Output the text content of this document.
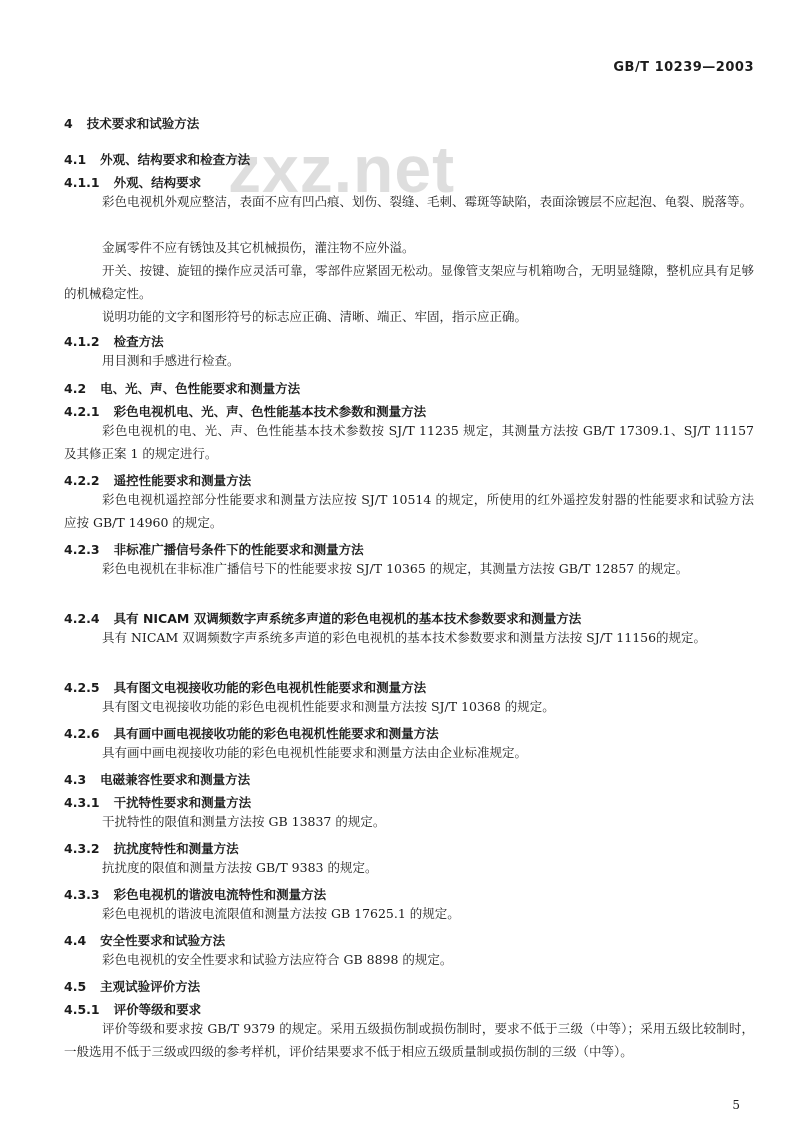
GB/T 10239—2003
zxz.net
4 技术要求和试验方法
4.1 外观、结构要求和检查方法
4.1.1 外观、结构要求
彩色电视机外观应整洁，表面不应有凹凸痕、划伤、裂缝、毛刺、霉斑等缺陷，表面涂镀层不应起泡、龟裂、脱落等。
金属零件不应有锈蚀及其它机械损伤，灌注物不应外溢。
开关、按键、旋钮的操作应灵活可靠，零部件应紧固无松动。显像管支架应与机箱吻合，无明显缝隙，整机应具有足够的机械稳定性。
说明功能的文字和图形符号的标志应正确、清晰、端正、牢固，指示应正确。
4.1.2 检查方法
用目测和手感进行检查。
4.2 电、光、声、色性能要求和测量方法
4.2.1 彩色电视机电、光、声、色性能基本技术参数和测量方法
彩色电视机的电、光、声、色性能基本技术参数按 SJ/T 11235 规定，其测量方法按 GB/T 17309.1、SJ/T 11157 及其修正案 1 的规定进行。
4.2.2 遥控性能要求和测量方法
彩色电视机遥控部分性能要求和测量方法应按 SJ/T 10514 的规定，所使用的红外遥控发射器的性能要求和试验方法应按 GB/T 14960 的规定。
4.2.3 非标准广播信号条件下的性能要求和测量方法
彩色电视机在非标准广播信号下的性能要求按 SJ/T 10365 的规定，其测量方法按 GB/T 12857 的规定。
4.2.4 具有 NICAM 双调频数字声系统多声道的彩色电视机的基本技术参数要求和测量方法
具有 NICAM 双调频数字声系统多声道的彩色电视机的基本技术参数要求和测量方法按 SJ/T 11156的规定。
4.2.5 具有图文电视接收功能的彩色电视机性能要求和测量方法
具有图文电视接收功能的彩色电视机性能要求和测量方法按 SJ/T 10368 的规定。
4.2.6 具有画中画电视接收功能的彩色电视机性能要求和测量方法
具有画中画电视接收功能的彩色电视机性能要求和测量方法由企业标准规定。
4.3 电磁兼容性要求和测量方法
4.3.1 干扰特性要求和测量方法
干扰特性的限值和测量方法按 GB 13837 的规定。
4.3.2 抗扰度特性和测量方法
抗扰度的限值和测量方法按 GB/T 9383 的规定。
4.3.3 彩色电视机的谐波电流特性和测量方法
彩色电视机的谐波电流限值和测量方法按 GB 17625.1 的规定。
4.4 安全性要求和试验方法
彩色电视机的安全性要求和试验方法应符合 GB 8898 的规定。
4.5 主观试验评价方法
4.5.1 评价等级和要求
评价等级和要求按 GB/T 9379 的规定。采用五级损伤制或损伤制时，要求不低于三级（中等）；采用五级比较制时，一般选用不低于三级或四级的参考样机，评价结果要求不低于相应五级质量制或损伤制的三级（中等）。
5
